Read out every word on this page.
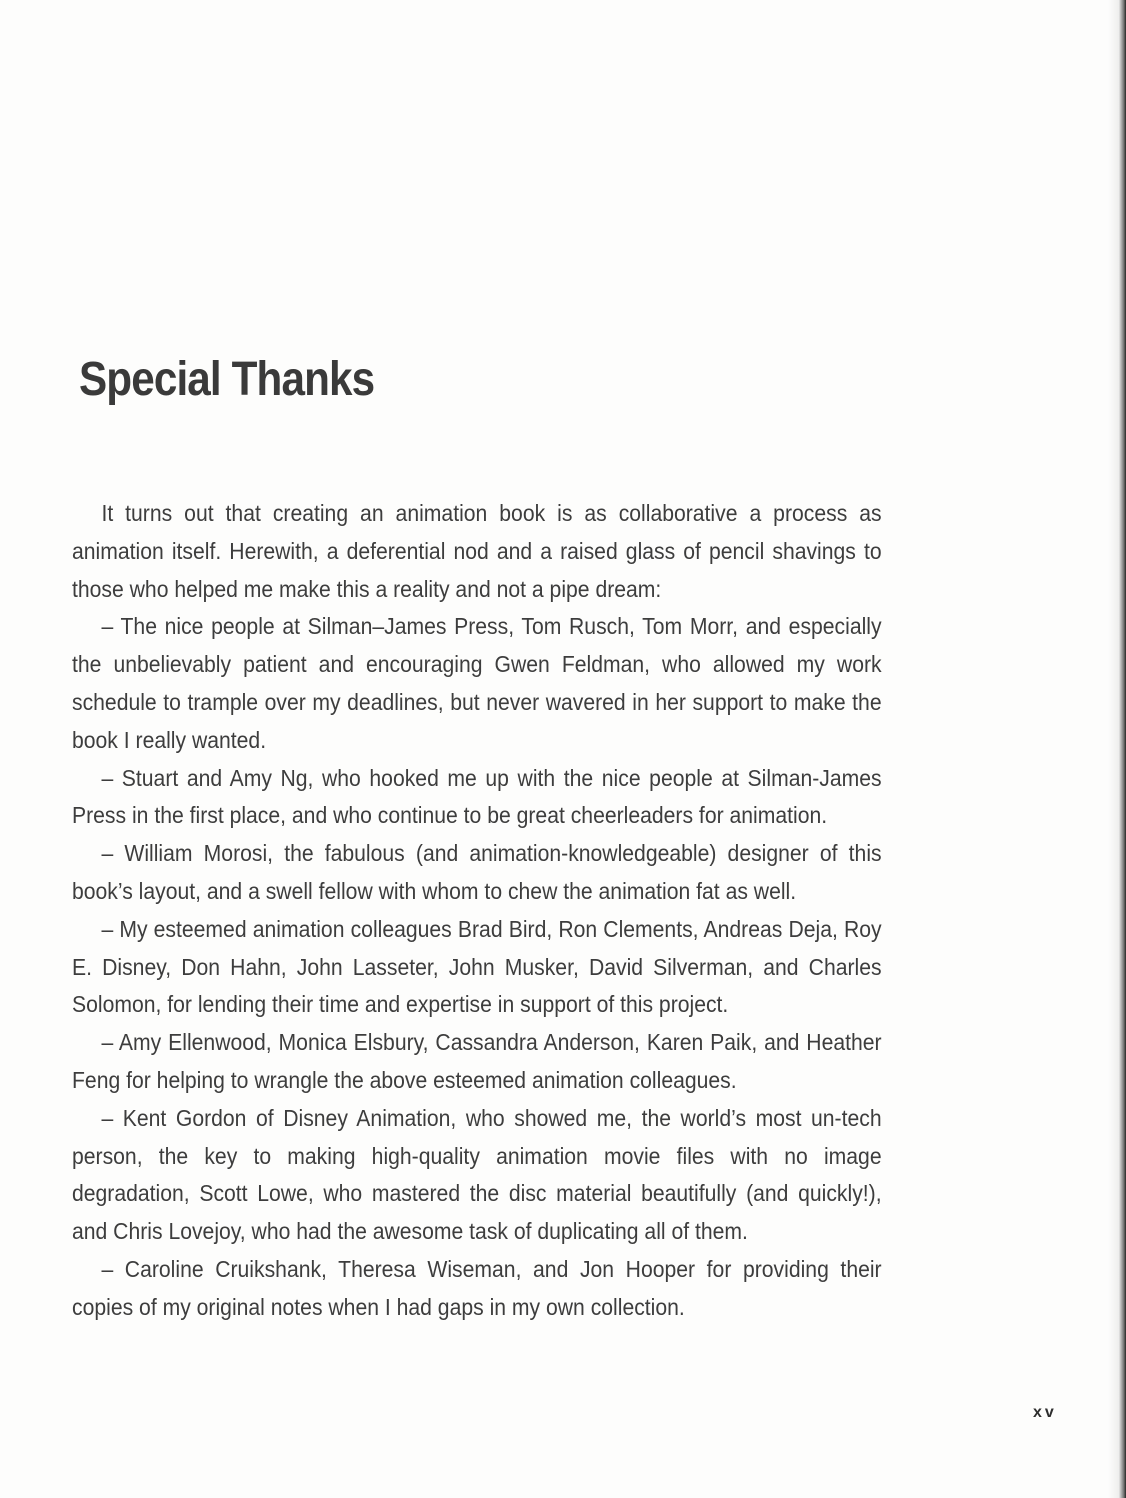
Special Thanks

It turns out that creating an animation book is as collaborative a process as animation itself. Herewith, a deferential nod and a raised glass of pencil shavings to those who helped me make this a reality and not a pipe dream:

– The nice people at Silman–James Press, Tom Rusch, Tom Morr, and especially the unbelievably patient and encouraging Gwen Feldman, who allowed my work schedule to trample over my deadlines, but never wavered in her support to make the book I really wanted.

– Stuart and Amy Ng, who hooked me up with the nice people at Silman-James Press in the first place, and who continue to be great cheerleaders for animation.

– William Morosi, the fabulous (and animation-knowledgeable) designer of this book’s layout, and a swell fellow with whom to chew the animation fat as well.

– My esteemed animation colleagues Brad Bird, Ron Clements, Andreas Deja, Roy E. Disney, Don Hahn, John Lasseter, John Musker, David Silverman, and Charles Solomon, for lending their time and expertise in support of this project.

– Amy Ellenwood, Monica Elsbury, Cassandra Anderson, Karen Paik, and Heather Feng for helping to wrangle the above esteemed animation colleagues.

– Kent Gordon of Disney Animation, who showed me, the world’s most un-tech person, the key to making high-quality animation movie files with no image degradation, Scott Lowe, who mastered the disc material beautifully (and quickly!), and Chris Lovejoy, who had the awesome task of duplicating all of them.

– Caroline Cruikshank, Theresa Wiseman, and Jon Hooper for providing their copies of my original notes when I had gaps in my own collection.

xv
